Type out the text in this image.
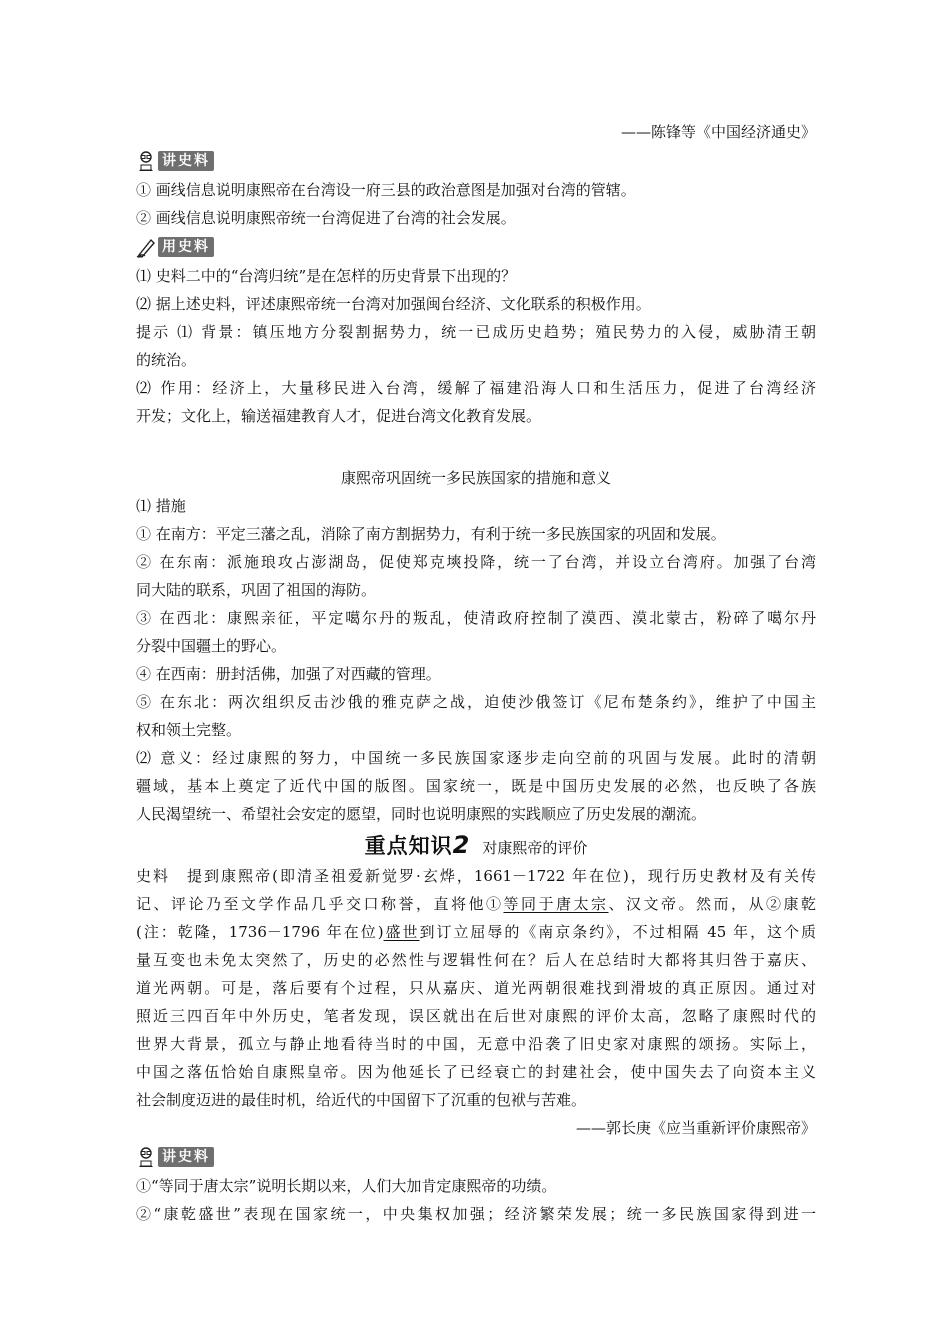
——陈锋等《中国经济通史》
讲史料
① 画线信息说明康熙帝在台湾设一府三县的政治意图是加强对台湾的管辖。
② 画线信息说明康熙帝统一台湾促进了台湾的社会发展。
用史料
⑴ 史料二中的“台湾归统”是在怎样的历史背景下出现的？
⑵ 据上述史料，评述康熙帝统一台湾对加强闽台经济、文化联系的积极作用。
提示 ⑴ 背景：镇压地方分裂割据势力，统一已成历史趋势；殖民势力的入侵，威胁清王朝
的统治。
⑵ 作用：经济上，大量移民进入台湾，缓解了福建沿海人口和生活压力，促进了台湾经济
开发；文化上，输送福建教育人才，促进台湾文化教育发展。
康熙帝巩固统一多民族国家的措施和意义
⑴ 措施
① 在南方：平定三藩之乱，消除了南方割据势力，有利于统一多民族国家的巩固和发展。
② 在东南：派施琅攻占澎湖岛，促使郑克塽投降，统一了台湾，并设立台湾府。加强了台湾
同大陆的联系，巩固了祖国的海防。
③ 在西北：康熙亲征，平定噶尔丹的叛乱，使清政府控制了漠西、漠北蒙古，粉碎了噶尔丹
分裂中国疆土的野心。
④ 在西南：册封活佛，加强了对西藏的管理。
⑤ 在东北：两次组织反击沙俄的雅克萨之战，迫使沙俄签订《尼布楚条约》，维护了中国主
权和领土完整。
⑵ 意义：经过康熙的努力，中国统一多民族国家逐步走向空前的巩固与发展。此时的清朝
疆域，基本上奠定了近代中国的版图。国家统一，既是中国历史发展的必然，也反映了各族
人民渴望统一、希望社会安定的愿望，同时也说明康熙的实践顺应了历史发展的潮流。
重点知识2 对康熙帝的评价
史料　提到康熙帝(即清圣祖爱新觉罗·玄烨，1661－1722 年在位)，现行历史教材及有关传
记、评论乃至文学作品几乎交口称誉，直将他①等同于唐太宗、汉文帝。然而，从②康乾
(注：乾隆，1736－1796 年在位)盛世到订立屈辱的《南京条约》，不过相隔 45 年，这个质
量互变也未免太突然了，历史的必然性与逻辑性何在？后人在总结时大都将其归咎于嘉庆、
道光两朝。可是，落后要有个过程，只从嘉庆、道光两朝很难找到滑坡的真正原因。通过对
照近三四百年中外历史，笔者发现，误区就出在后世对康熙的评价太高，忽略了康熙时代的
世界大背景，孤立与静止地看待当时的中国，无意中沿袭了旧史家对康熙的颂扬。实际上，
中国之落伍恰始自康熙皇帝。因为他延长了已经衰亡的封建社会，使中国失去了向资本主义
社会制度迈进的最佳时机，给近代的中国留下了沉重的包袱与苦难。
——郭长庚《应当重新评价康熙帝》
讲史料
①“等同于唐太宗”说明长期以来，人们大加肯定康熙帝的功绩。
②“康乾盛世”表现在国家统一，中央集权加强；经济繁荣发展；统一多民族国家得到进一
